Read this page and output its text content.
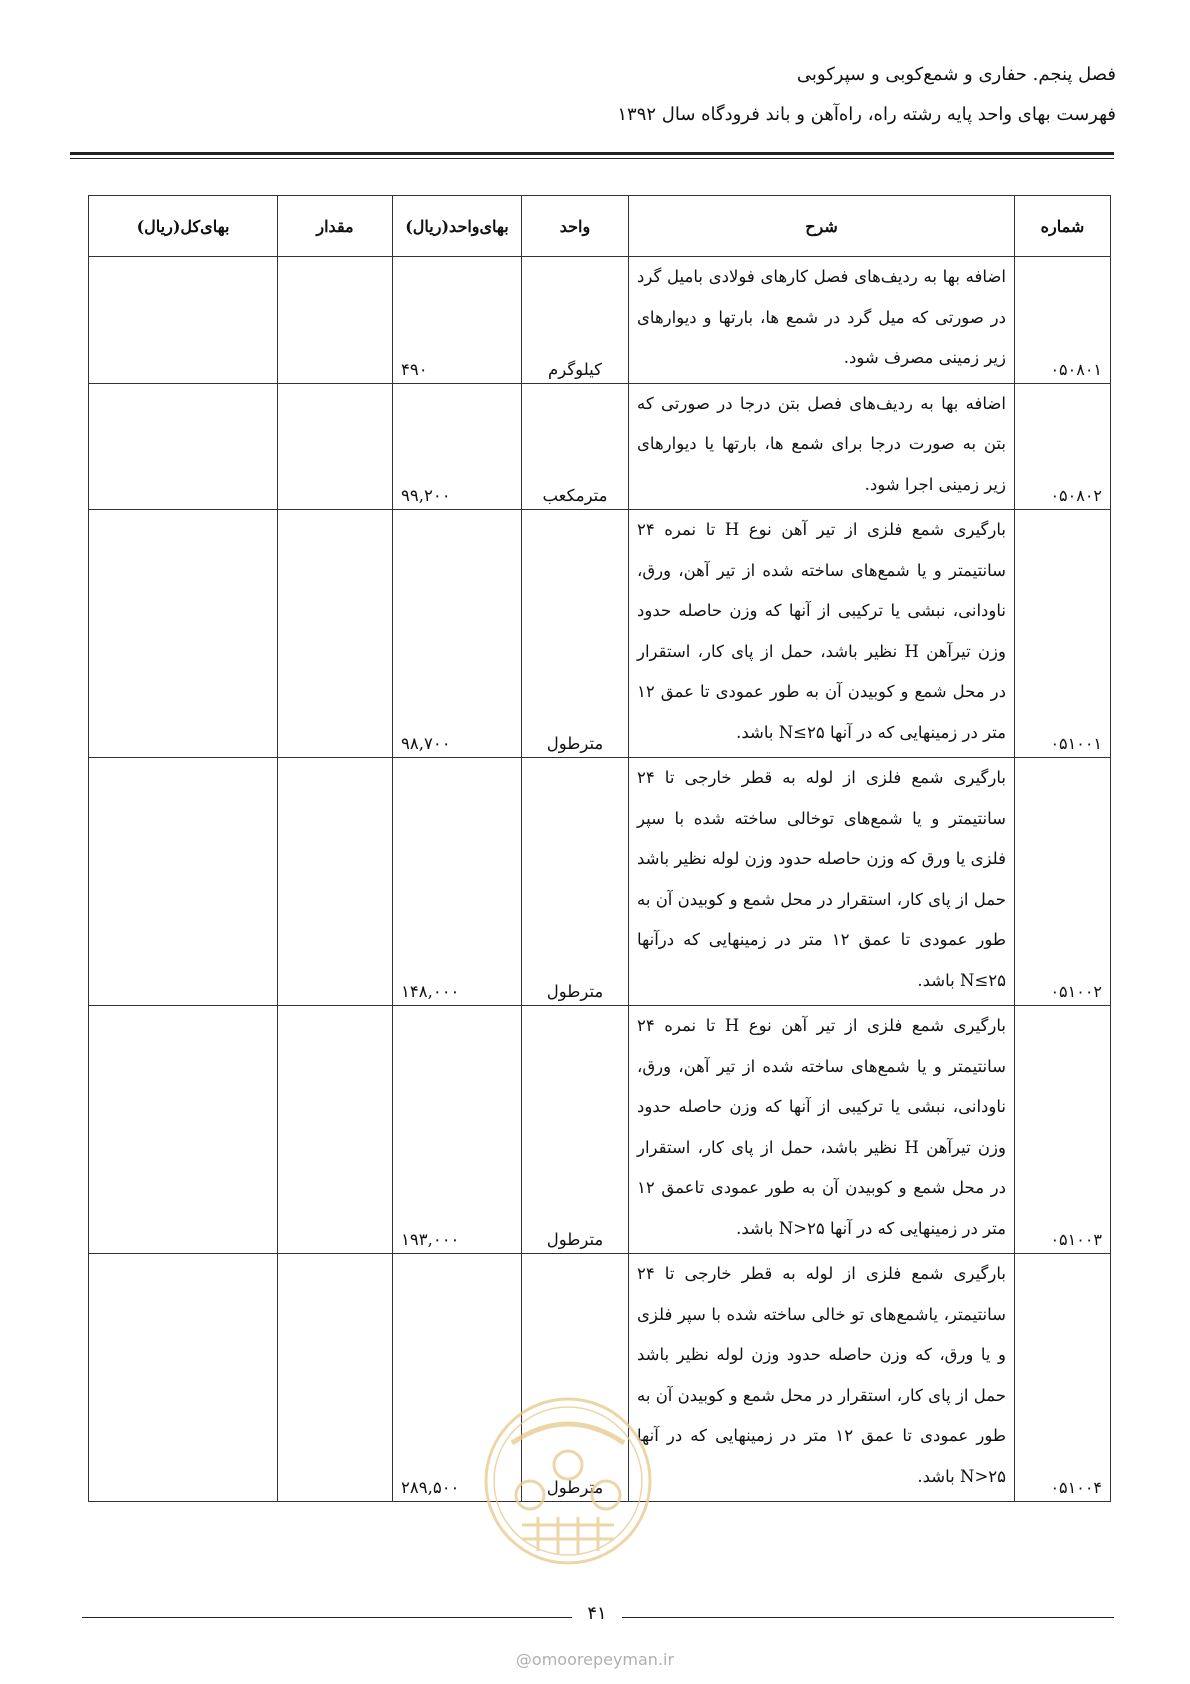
فصل پنجم. حفاری و شمع‌کوبی و سپرکوبی
فهرست بهای واحد پایه رشته راه، راه‌آهن و باند فرودگاه سال ۱۳۹۲
شماره	شرح	واحد	بهای‌واحد(ریال)	مقدار	بهای‌کل(ریال)
۰۵۰۸۰۱	اضافه بها به ردیف‌های فصل کارهای فولادی بامیل گرد در صورتی که میل گرد در شمع ها، بارتها و دیوارهای زیر زمینی مصرف شود.	کیلوگرم	۴۹۰		
۰۵۰۸۰۲	اضافه بها به ردیف‌های فصل بتن درجا در صورتی که بتن به صورت درجا برای شمع ها، بارتها یا دیوارهای زیر زمینی اجرا شود.	مترمکعب	۹۹,۲۰۰		
۰۵۱۰۰۱	بارگیری شمع فلزی از تیر آهن نوع H تا نمره ۲۴ سانتیمتر و یا شمع‌های ساخته شده از تیر آهن، ورق، ناودانی، نبشی یا ترکیبی از آنها که وزن حاصله حدود وزن تیرآهن H نظیر باشد، حمل از پای کار، استقرار در محل شمع و کوبیدن آن به طور عمودی تا عمق ۱۲ متر در زمینهایی که در آنها N≤۲۵ باشد.	مترطول	۹۸,۷۰۰		
۰۵۱۰۰۲	بارگیری شمع فلزی از لوله به قطر خارجی تا ۲۴ سانتیمتر و یا شمع‌های توخالی ساخته شده با سپر فلزی یا ورق که وزن حاصله حدود وزن لوله نظیر باشد حمل از پای کار، استقرار در محل شمع و کوبیدن آن به طور عمودی تا عمق ۱۲ متر در زمینهایی که درآنها N≤۲۵ باشد.	مترطول	۱۴۸,۰۰۰		
۰۵۱۰۰۳	بارگیری شمع فلزی از تیر آهن نوع H تا نمره ۲۴ سانتیمتر و یا شمع‌های ساخته شده از تیر آهن، ورق، ناودانی، نبشی یا ترکیبی از آنها که وزن حاصله حدود وزن تیرآهن H نظیر باشد، حمل از پای کار، استقرار در محل شمع و کوبیدن آن به طور عمودی تاعمق ۱۲ متر در زمینهایی که در آنها N>۲۵ باشد.	مترطول	۱۹۳,۰۰۰		
۰۵۱۰۰۴	بارگیری شمع فلزی از لوله به قطر خارجی تا ۲۴ سانتیمتر، یاشمع‌های تو خالی ساخته شده با سپر فلزی و یا ورق، که وزن حاصله حدود وزن لوله نظیر باشد حمل از پای کار، استقرار در محل شمع و کوبیدن آن به طور عمودی تا عمق ۱۲ متر در زمینهایی که در آنها N>۲۵ باشد.	مترطول	۲۸۹,۵۰۰		
۴۱
@omoorepeyman.ir
